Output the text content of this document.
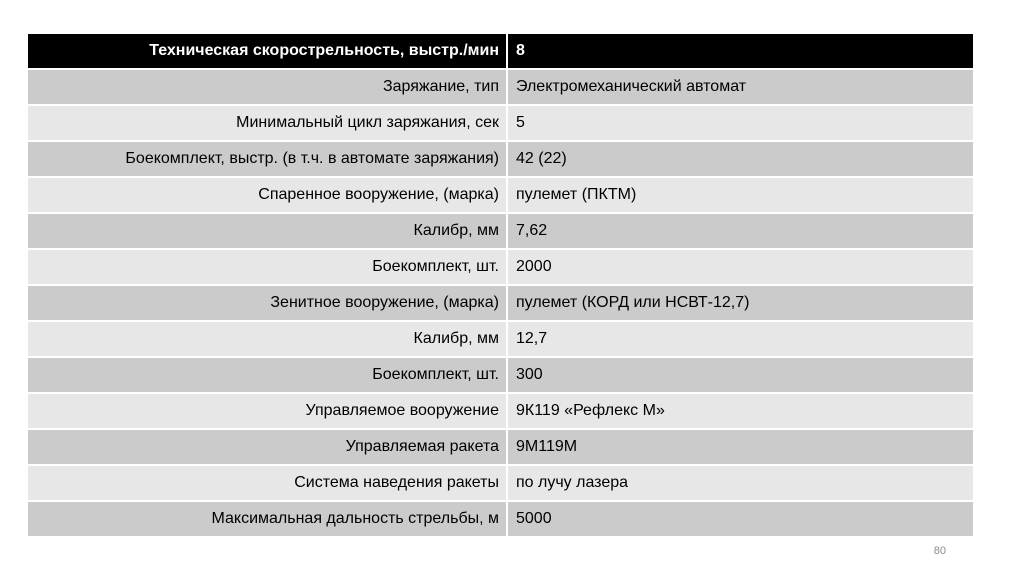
Техническая скорострельность, выстр./мин	8
Заряжание, тип	Электромеханический автомат
Минимальный цикл заряжания, сек	5
Боекомплект, выстр. (в т.ч. в автомате заряжания)	42 (22)
Спаренное вооружение, (марка)	пулемет (ПКТМ)
Калибр, мм	7,62
Боекомплект, шт.	2000
Зенитное вооружение, (марка)	пулемет (КОРД или НСВТ-12,7)
Калибр, мм	12,7
Боекомплект, шт.	300
Управляемое вооружение	9К119 «Рефлекс М»
Управляемая ракета	9М119М
Система наведения ракеты	по лучу лазера
Максимальная дальность стрельбы, м	5000
80
